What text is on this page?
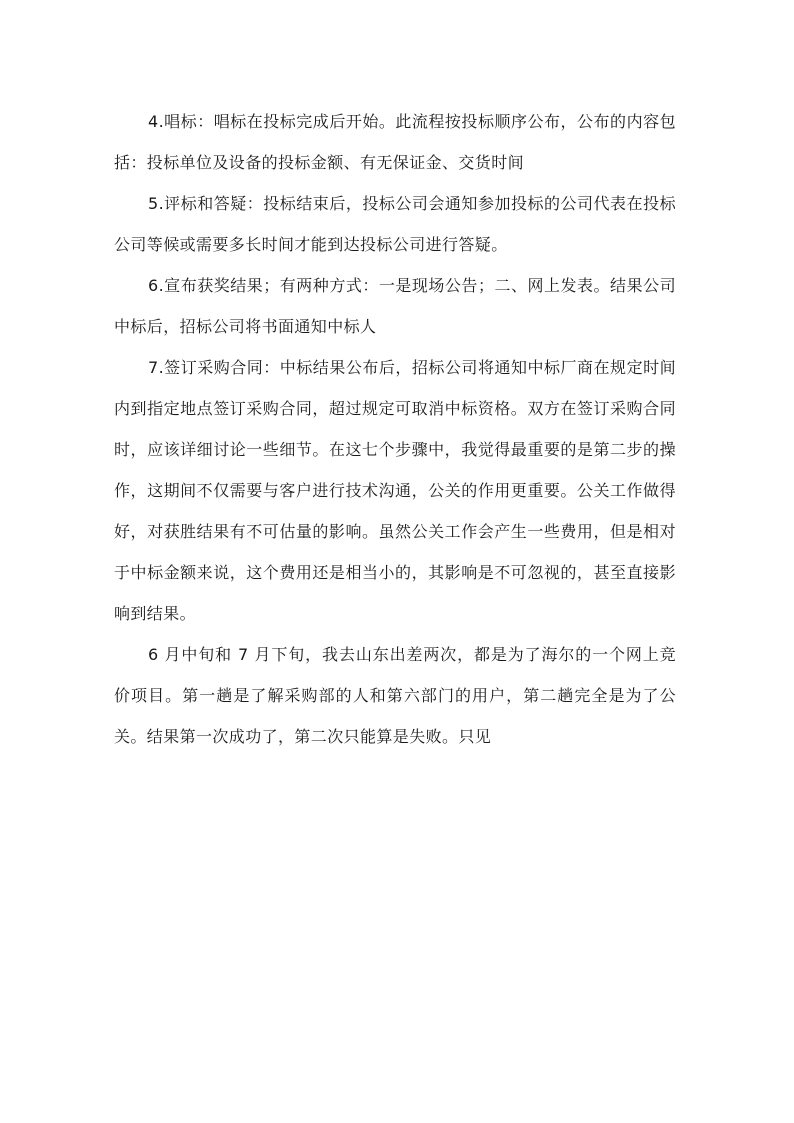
4.唱标：唱标在投标完成后开始。此流程按投标顺序公布，公布的内容包括：投标单位及设备的投标金额、有无保证金、交货时间

5.评标和答疑：投标结束后，投标公司会通知参加投标的公司代表在投标公司等候或需要多长时间才能到达投标公司进行答疑。

6.宣布获奖结果；有两种方式：一是现场公告；二、网上发表。结果公司中标后，招标公司将书面通知中标人

7.签订采购合同：中标结果公布后，招标公司将通知中标厂商在规定时间内到指定地点签订采购合同，超过规定可取消中标资格。双方在签订采购合同时，应该详细讨论一些细节。在这七个步骤中，我觉得最重要的是第二步的操作，这期间不仅需要与客户进行技术沟通，公关的作用更重要。公关工作做得好，对获胜结果有不可估量的影响。虽然公关工作会产生一些费用，但是相对于中标金额来说，这个费用还是相当小的，其影响是不可忽视的，甚至直接影响到结果。

6 月中旬和 7 月下旬，我去山东出差两次，都是为了海尔的一个网上竞价项目。第一趟是了解采购部的人和第六部门的用户，第二趟完全是为了公关。结果第一次成功了，第二次只能算是失败。只见
